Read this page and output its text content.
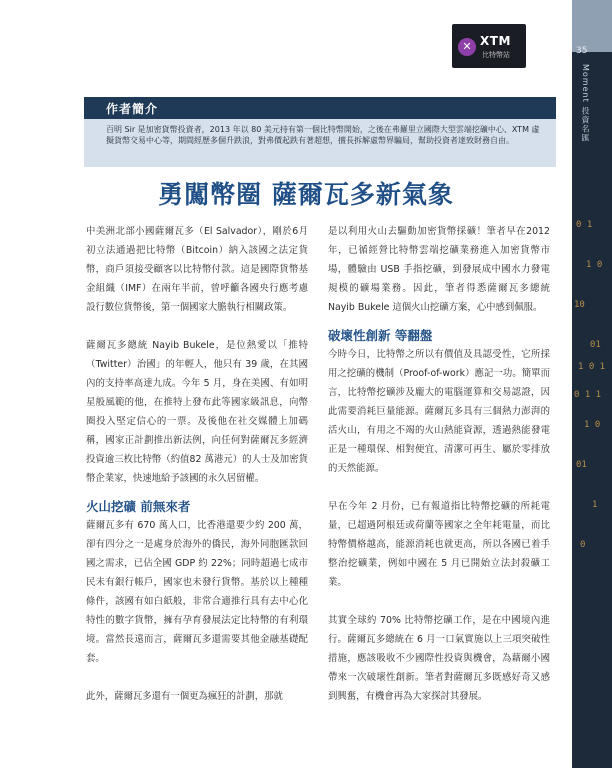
✕ XTM
比特幣站
作者簡介
百明 Sir 是加密貨幣投資者，2013 年以 80 美元持有第一個比特幣開始，之後在弗羅里立國際大型雲端挖礦中心、XTM 虛擬貨幣交易中心等，期間經歷多個升跌浪，對弗價起跌有著超想，擅長拆解虛幣界騙局，幫助投資者達致財務自由。
勇闖幣圈 薩爾瓦多新氣象

中美洲北部小國薩爾瓦多（El Salvador），剛於6月初立法通過把比特幣（Bitcoin）納入該國之法定貨幣，商戶須接受顧客以比特幣付款。這是國際貨幣基金組織（IMF）在兩年半前，曾呼籲各國央行應考慮設行數位貨幣後，第一個國家大膽執行相關政策。

薩爾瓦多總統 Nayib Bukele，是位熱愛以「推特（Twitter）治國」的年輕人，他只有 39 歲，在其國內的支持率高達九成。今年 5 月，身在美國、有如明星般風範的他，在推特上發布此等國家級訊息，向幣圈投入堅定信心的一票。及後他在社交媒體上加碼稱，國家正計劃推出新法例，向任何對薩爾瓦多經濟投資逾三枚比特幣（約值82 萬港元）的人士及加密貨幣企業家，快速地給予該國的永久居留權。

火山挖礦 前無來者

薩爾瓦多有 670 萬人口，比香港還要少約 200 萬，卻有四分之一是處身於海外的僑民，海外同胞匯款回國之需求，已佔全國 GDP 約 22%；同時超過七成市民未有銀行帳戶，國家也未發行貨幣。基於以上種種條件，該國有如白紙般，非常合適推行具有去中心化特性的數字貨幣，擁有孕育發展法定比特幣的有利環境。當然長遠而言，薩爾瓦多還需要其他金融基礎配套。

此外，薩爾瓦多還有一個更為瘋狂的計劃，那就

是以利用火山去驅動加密貨幣採礦！筆者早在2012 年，已循經營比特幣雲端挖礦業務進入加密貨幣市場，體驗由 USB 手指挖礦，到發展成中國水力發電規模的礦場業務。因此，筆者得悉薩爾瓦多總統 Nayib Bukele 這個火山挖礦方案，心中感到佩服。

破壞性創新 等翻盤

今時今日，比特幣之所以有價值及具認受性，它所採用之挖礦的機制（Proof-of-work）應記一功。簡單而言，比特幣挖礦涉及龐大的電腦運算和交易認證，因此需要消耗巨量能源。薩爾瓦多具有三個熱力澎湃的活火山，有用之不竭的火山熱能資源，透過熱能發電正是一種環保、相對便宜、清潔可再生、屬於零排放的天然能源。

早在今年 2 月份，已有報道指比特幣挖礦的所耗電量，已超過阿根廷或荷蘭等國家之全年耗電量，而比特幣價格越高，能源消耗也就更高，所以各國已着手整治挖礦業，例如中國在 5 月已開始立法封殺礦工業。

其實全球約 70% 比特幣挖礦工作，是在中國境內進行。薩爾瓦多總統在 6 月一口氣實施以上三項突破性措施，應該吸收不少國際性投資與機會，為藉爾小國帶來一次破壞性創新。筆者對薩爾瓦多既感好奇又感到興奮，有機會再為大家探討其發展。

35
Moment 投資名匯
0 1
1 0
10
01
1 0 1
0 1 1
1 0
01
1
0
